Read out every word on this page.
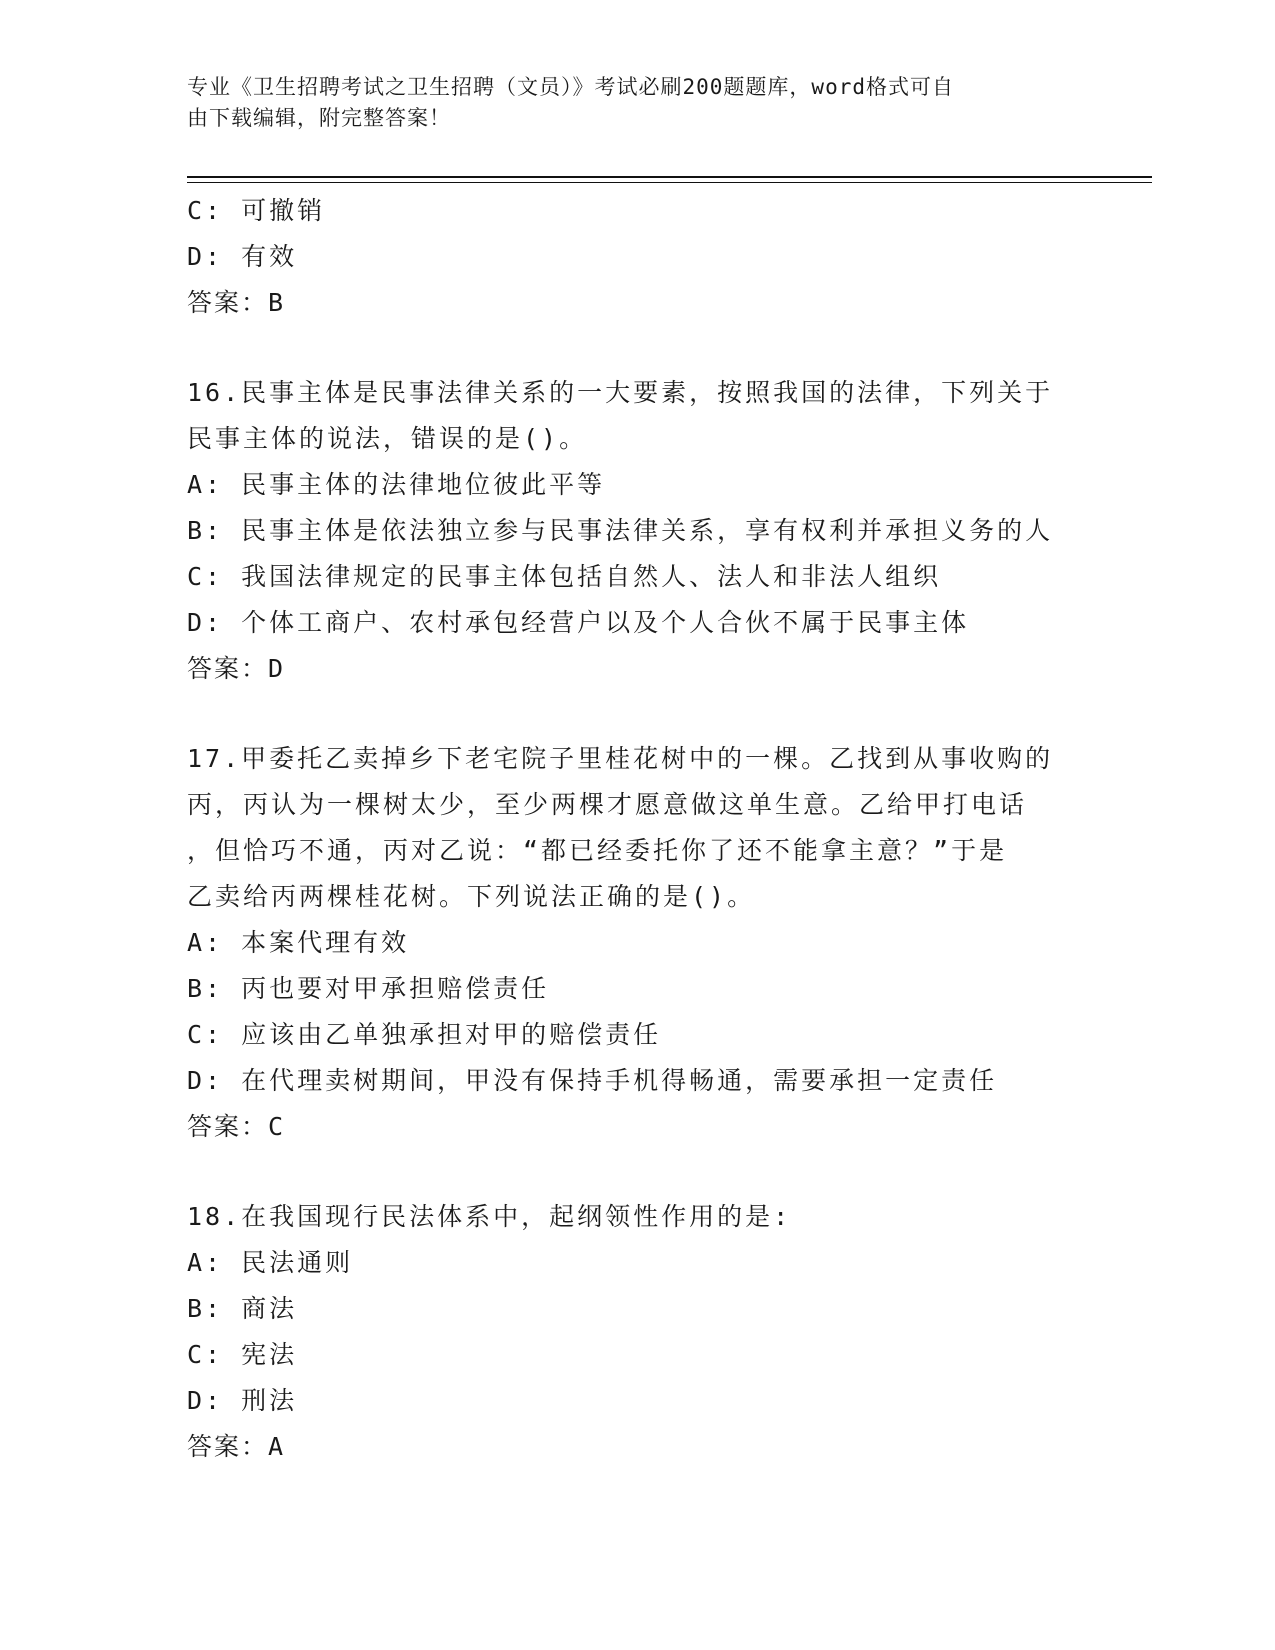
专业《卫生招聘考试之卫生招聘（文员）》考试必刷200题题库，word格式可自
由下载编辑，附完整答案！
C: 可撤销
D: 有效
答案：B
16.民事主体是民事法律关系的一大要素，按照我国的法律，下列关于
民事主体的说法，错误的是()。
A: 民事主体的法律地位彼此平等
B: 民事主体是依法独立参与民事法律关系，享有权利并承担义务的人
C: 我国法律规定的民事主体包括自然人、法人和非法人组织
D: 个体工商户、农村承包经营户以及个人合伙不属于民事主体
答案：D
17.甲委托乙卖掉乡下老宅院子里桂花树中的一棵。乙找到从事收购的
丙，丙认为一棵树太少，至少两棵才愿意做这单生意。乙给甲打电话
，但恰巧不通，丙对乙说：“都已经委托你了还不能拿主意？”于是
乙卖给丙两棵桂花树。下列说法正确的是()。
A: 本案代理有效
B: 丙也要对甲承担赔偿责任
C: 应该由乙单独承担对甲的赔偿责任
D: 在代理卖树期间，甲没有保持手机得畅通，需要承担一定责任
答案：C
18.在我国现行民法体系中，起纲领性作用的是:
A: 民法通则
B: 商法
C: 宪法
D: 刑法
答案：A
